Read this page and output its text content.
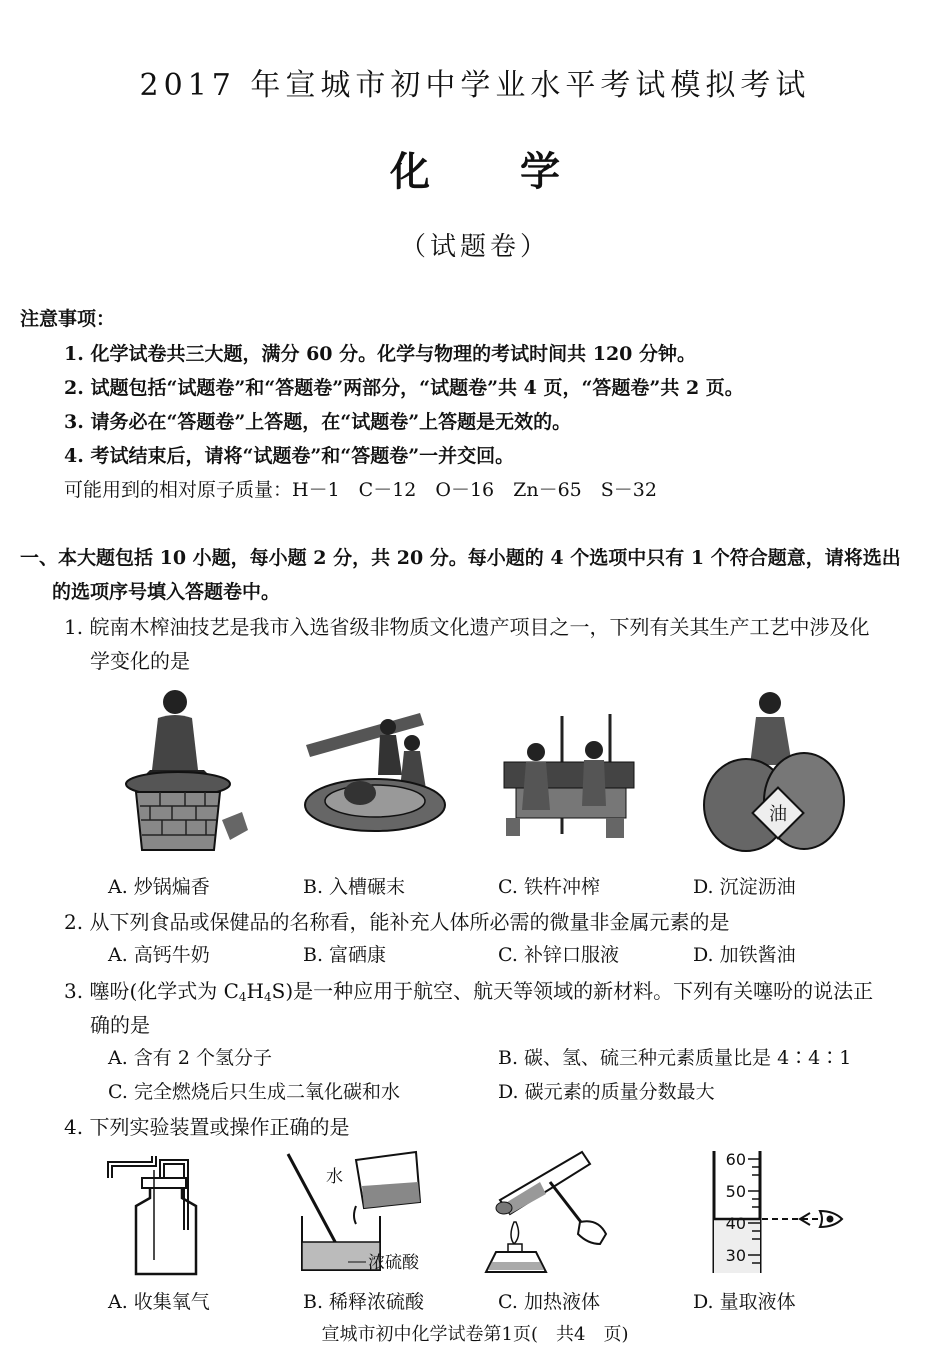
2017 年宣城市初中学业水平考试模拟考试
化学
（试题卷）
注意事项：
1. 化学试卷共三大题，满分 60 分。化学与物理的考试时间共 120 分钟。
2. 试题包括“试题卷”和“答题卷”两部分，“试题卷”共 4 页，“答题卷”共 2 页。
3. 请务必在“答题卷”上答题，在“试题卷”上答题是无效的。
4. 考试结束后，请将“试题卷”和“答题卷”一并交回。
可能用到的相对原子质量：H－1　C－12　O－16　Zn－65　S－32
一、本大题包括 10 小题，每小题 2 分，共 20 分。每小题的 4 个选项中只有 1 个符合题意，请将选出
的选项序号填入答题卷中。
1. 皖南木榨油技艺是我市入选省级非物质文化遗产项目之一，下列有关其生产工艺中涉及化
学变化的是
油
A. 炒锅煸香	B. 入槽碾末	C. 铁杵冲榨	D. 沉淀沥油
2. 从下列食品或保健品的名称看，能补充人体所必需的微量非金属元素的是
A. 高钙牛奶	B. 富硒康	C. 补锌口服液	D. 加铁酱油
3. 噻吩(化学式为 $C_4H_4S$)是一种应用于航空、航天等领域的新材料。下列有关噻吩的说法正
确的是
A. 含有 2 个氢分子	B. 碳、氢、硫三种元素质量比是 4∶4∶1
C. 完全燃烧后只生成二氧化碳和水	D. 碳元素的质量分数最大
4. 下列实验装置或操作正确的是
水
浓硫酸
60
50
40
30
A. 收集氧气	B. 稀释浓硫酸	C. 加热液体	D. 量取液体
宣城市初中化学试卷第1页(　共4　页)
